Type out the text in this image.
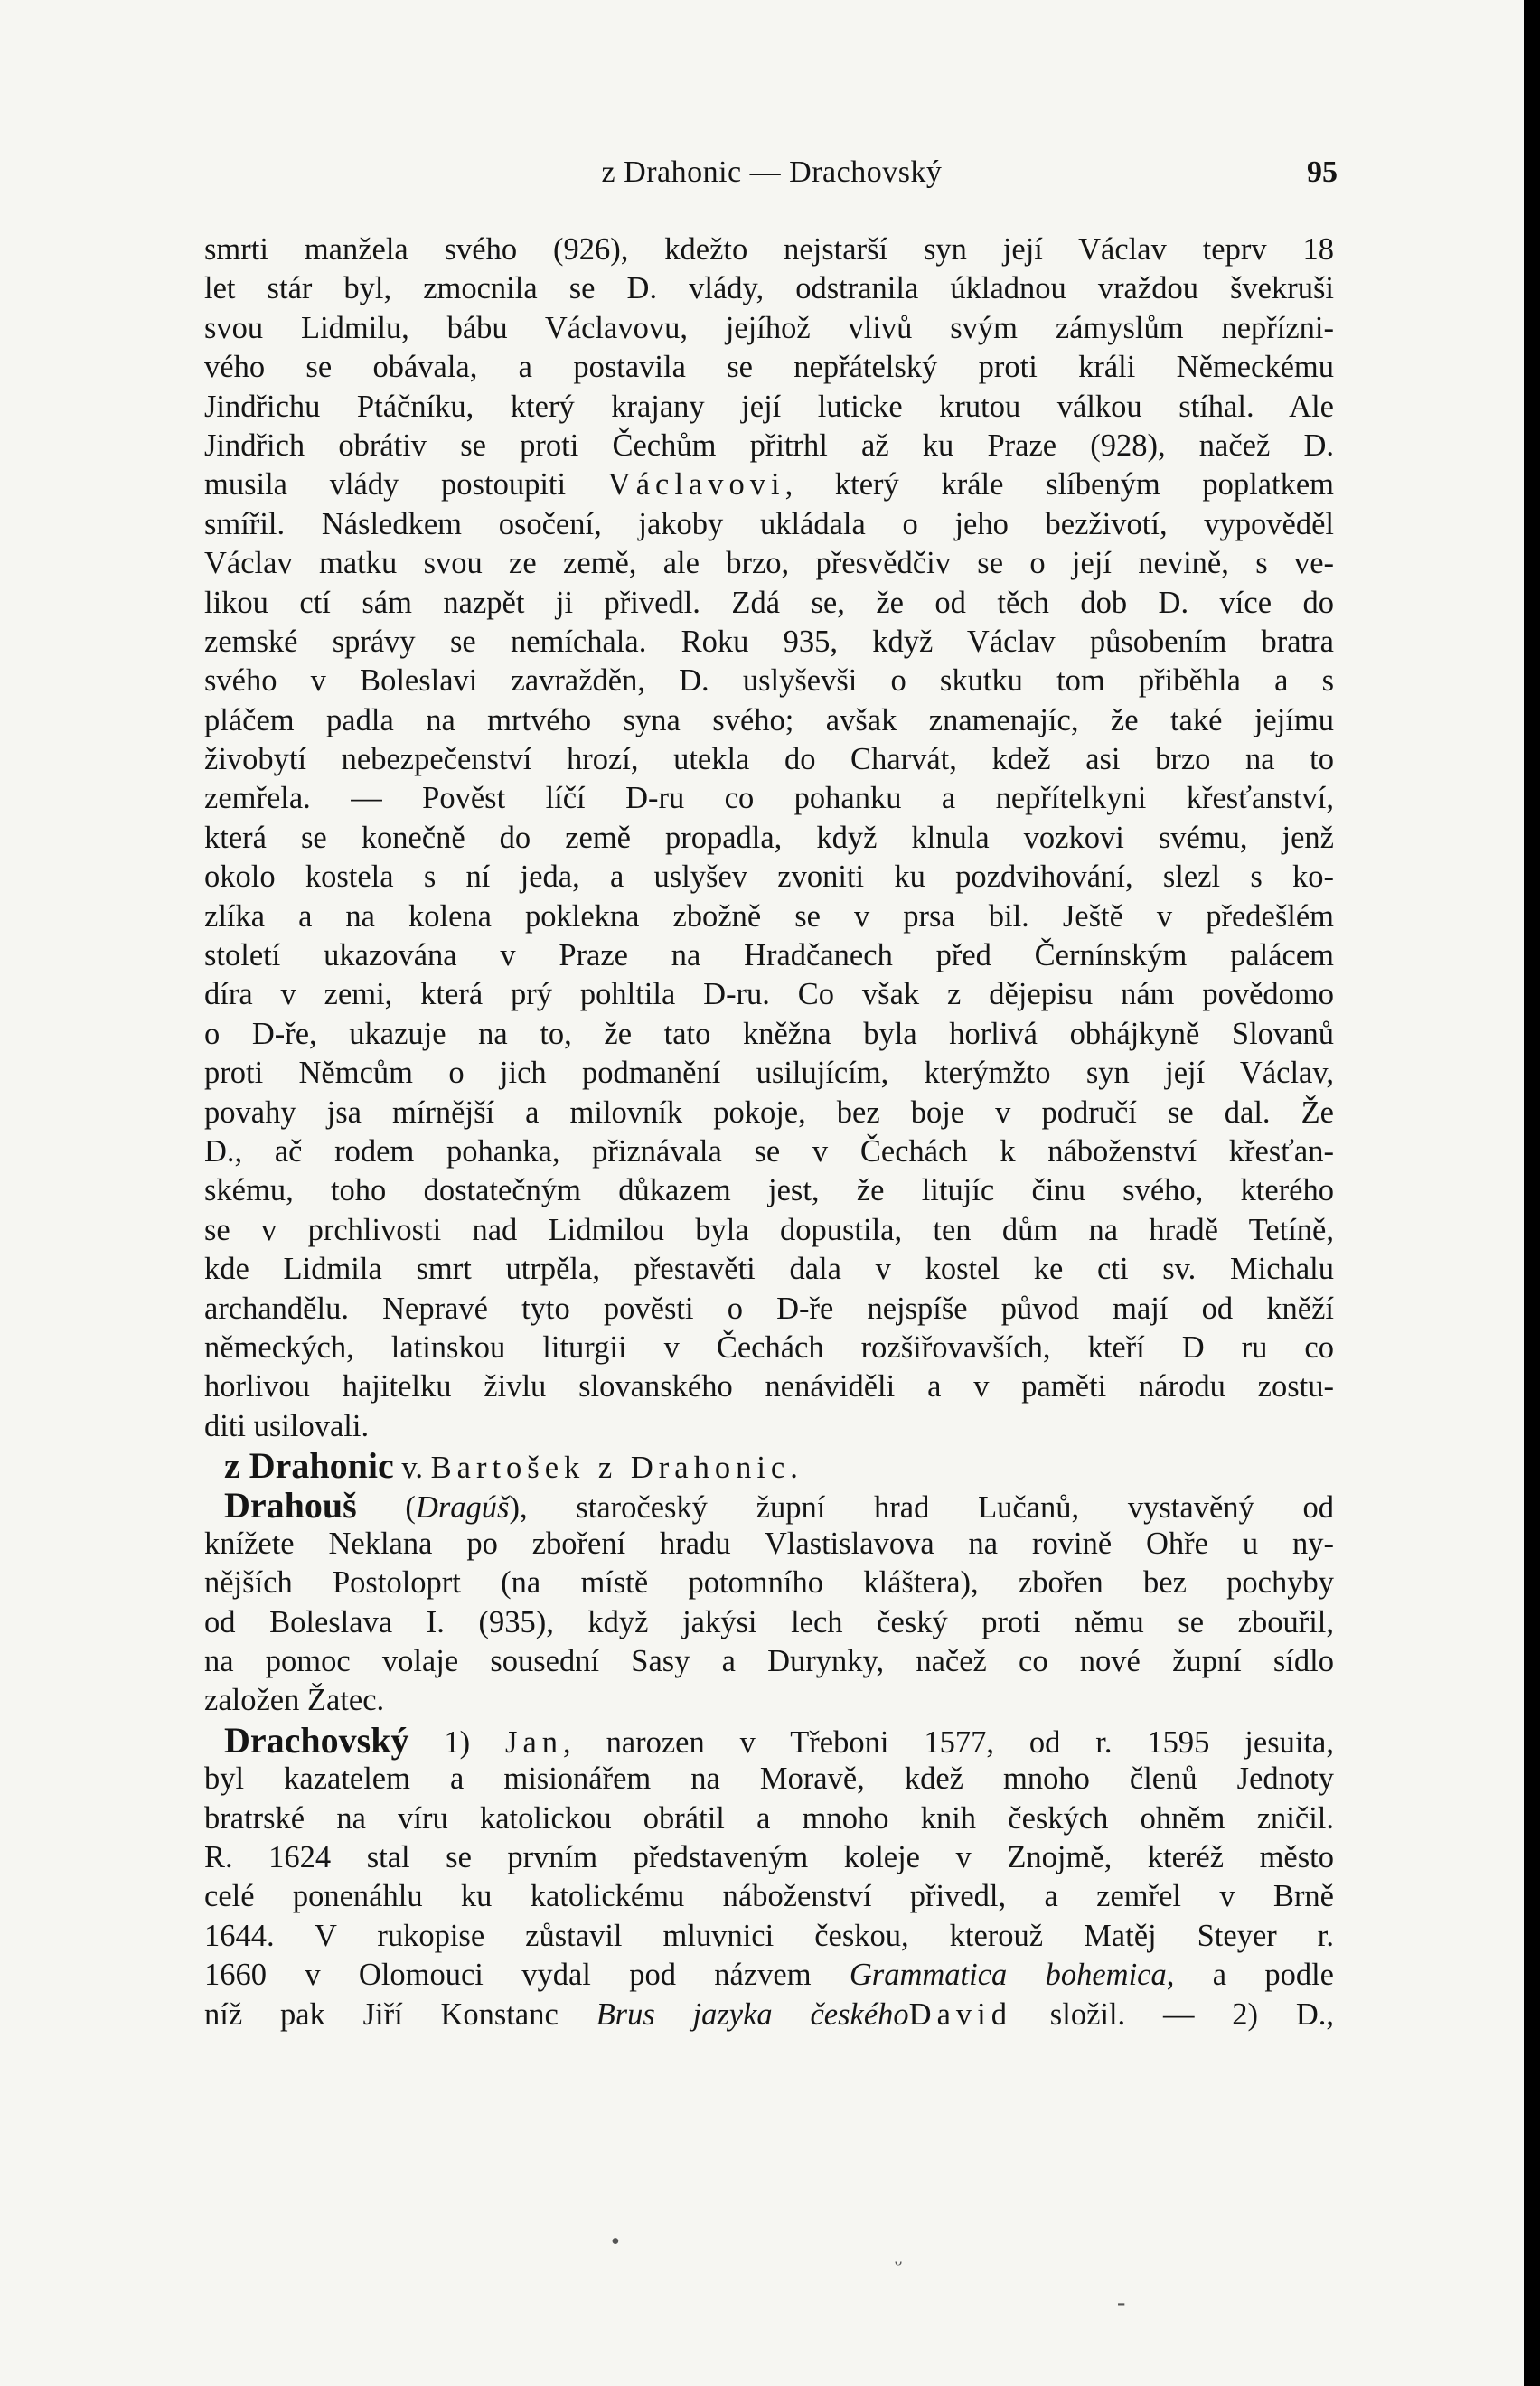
z Drahonic — Drachovský	95
smrti manžela svého (926), kdežto nejstarší syn její Václav teprv 18
let stár byl, zmocnila se D. vlády, odstranila úkladnou vraždou švekruši
svou Lidmilu, bábu Václavovu, jejíhož vlivů svým zámyslům nepřízni-
vého se obávala, a postavila se nepřátelský proti králi Německému
Jindřichu Ptáčníku, který krajany její luticke krutou válkou stíhal. Ale
Jindřich obrátiv se proti Čechům přitrhl až ku Praze (928), načež D.
musila vlády postoupiti Václavovi, který krále slíbeným poplatkem
smířil. Následkem osočení, jakoby ukládala o jeho bezživotí, vypověděl
Václav matku svou ze země, ale brzo, přesvědčiv se o její nevině, s ve-
likou ctí sám nazpět ji přivedl. Zdá se, že od těch dob D. více do
zemské správy se nemíchala. Roku 935, když Václav působením bratra
svého v Boleslavi zavražděn, D. uslyševši o skutku tom přiběhla a s
pláčem padla na mrtvého syna svého; avšak znamenajíc, že také jejímu
živobytí nebezpečenství hrozí, utekla do Charvát, kdež asi brzo na to
zemřela. — Pověst líčí D-ru co pohanku a nepřítelkyni křesťanství,
která se konečně do země propadla, když klnula vozkovi svému, jenž
okolo kostela s ní jeda, a uslyšev zvoniti ku pozdvihování, slezl s ko-
zlíka a na kolena poklekna zbožně se v prsa bil. Ještě v předešlém
století ukazována v Praze na Hradčanech před Černínským palácem
díra v zemi, která prý pohltila D-ru. Co však z dějepisu nám povědomo
o D-ře, ukazuje na to, že tato kněžna byla horlivá obhájkyně Slovanů
proti Němcům o jich podmanění usilujícím, kterýmžto syn její Václav,
povahy jsa mírnější a milovník pokoje, bez boje v područí se dal. Že
D., ač rodem pohanka, přiznávala se v Čechách k náboženství křesťan-
skému, toho dostatečným důkazem jest, že litujíc činu svého, kterého
se v prchlivosti nad Lidmilou byla dopustila, ten dům na hradě Tetíně,
kde Lidmila smrt utrpěla, přestavěti dala v kostel ke cti sv. Michalu
archandělu. Nepravé tyto pověsti o D-ře nejspíše původ mají od kněží
německých, latinskou liturgii v Čechách rozšiřovavších, kteří D ru co
horlivou hajitelku živlu slovanského nenáviděli a v paměti národu zostu-
diti usilovali.
z Drahonic v. Bartošek z Drahonic.
Drahouš (Dragúš), staročeský župní hrad Lučanů, vystavěný od
knížete Neklana po zboření hradu Vlastislavova na rovině Ohře u ny-
nějších Postoloprt (na místě potomního kláštera), zbořen bez pochyby
od Boleslava I. (935), když jakýsi lech český proti němu se zbouřil,
na pomoc volaje sousední Sasy a Durynky, načež co nové župní sídlo
založen Žatec.
Drachovský 1) Jan, narozen v Třeboni 1577, od r. 1595 jesuita,
byl kazatelem a misionářem na Moravě, kdež mnoho členů Jednoty
bratrské na víru katolickou obrátil a mnoho knih českých ohněm zničil.
R. 1624 stal se prvním představeným koleje v Znojmě, kteréž město
celé ponenáhlu ku katolickému náboženství přivedl, a zemřel v Brně
1644. V rukopise zůstavil mluvnici českou, kterouž Matěj Steyer r.
1660 v Olomouci vydal pod názvem Grammatica bohemica, a podle
níž pak Jiří Konstanc Brus jazyka českéhoDavid složil. — 2) D.,
•
ᵕ
-
